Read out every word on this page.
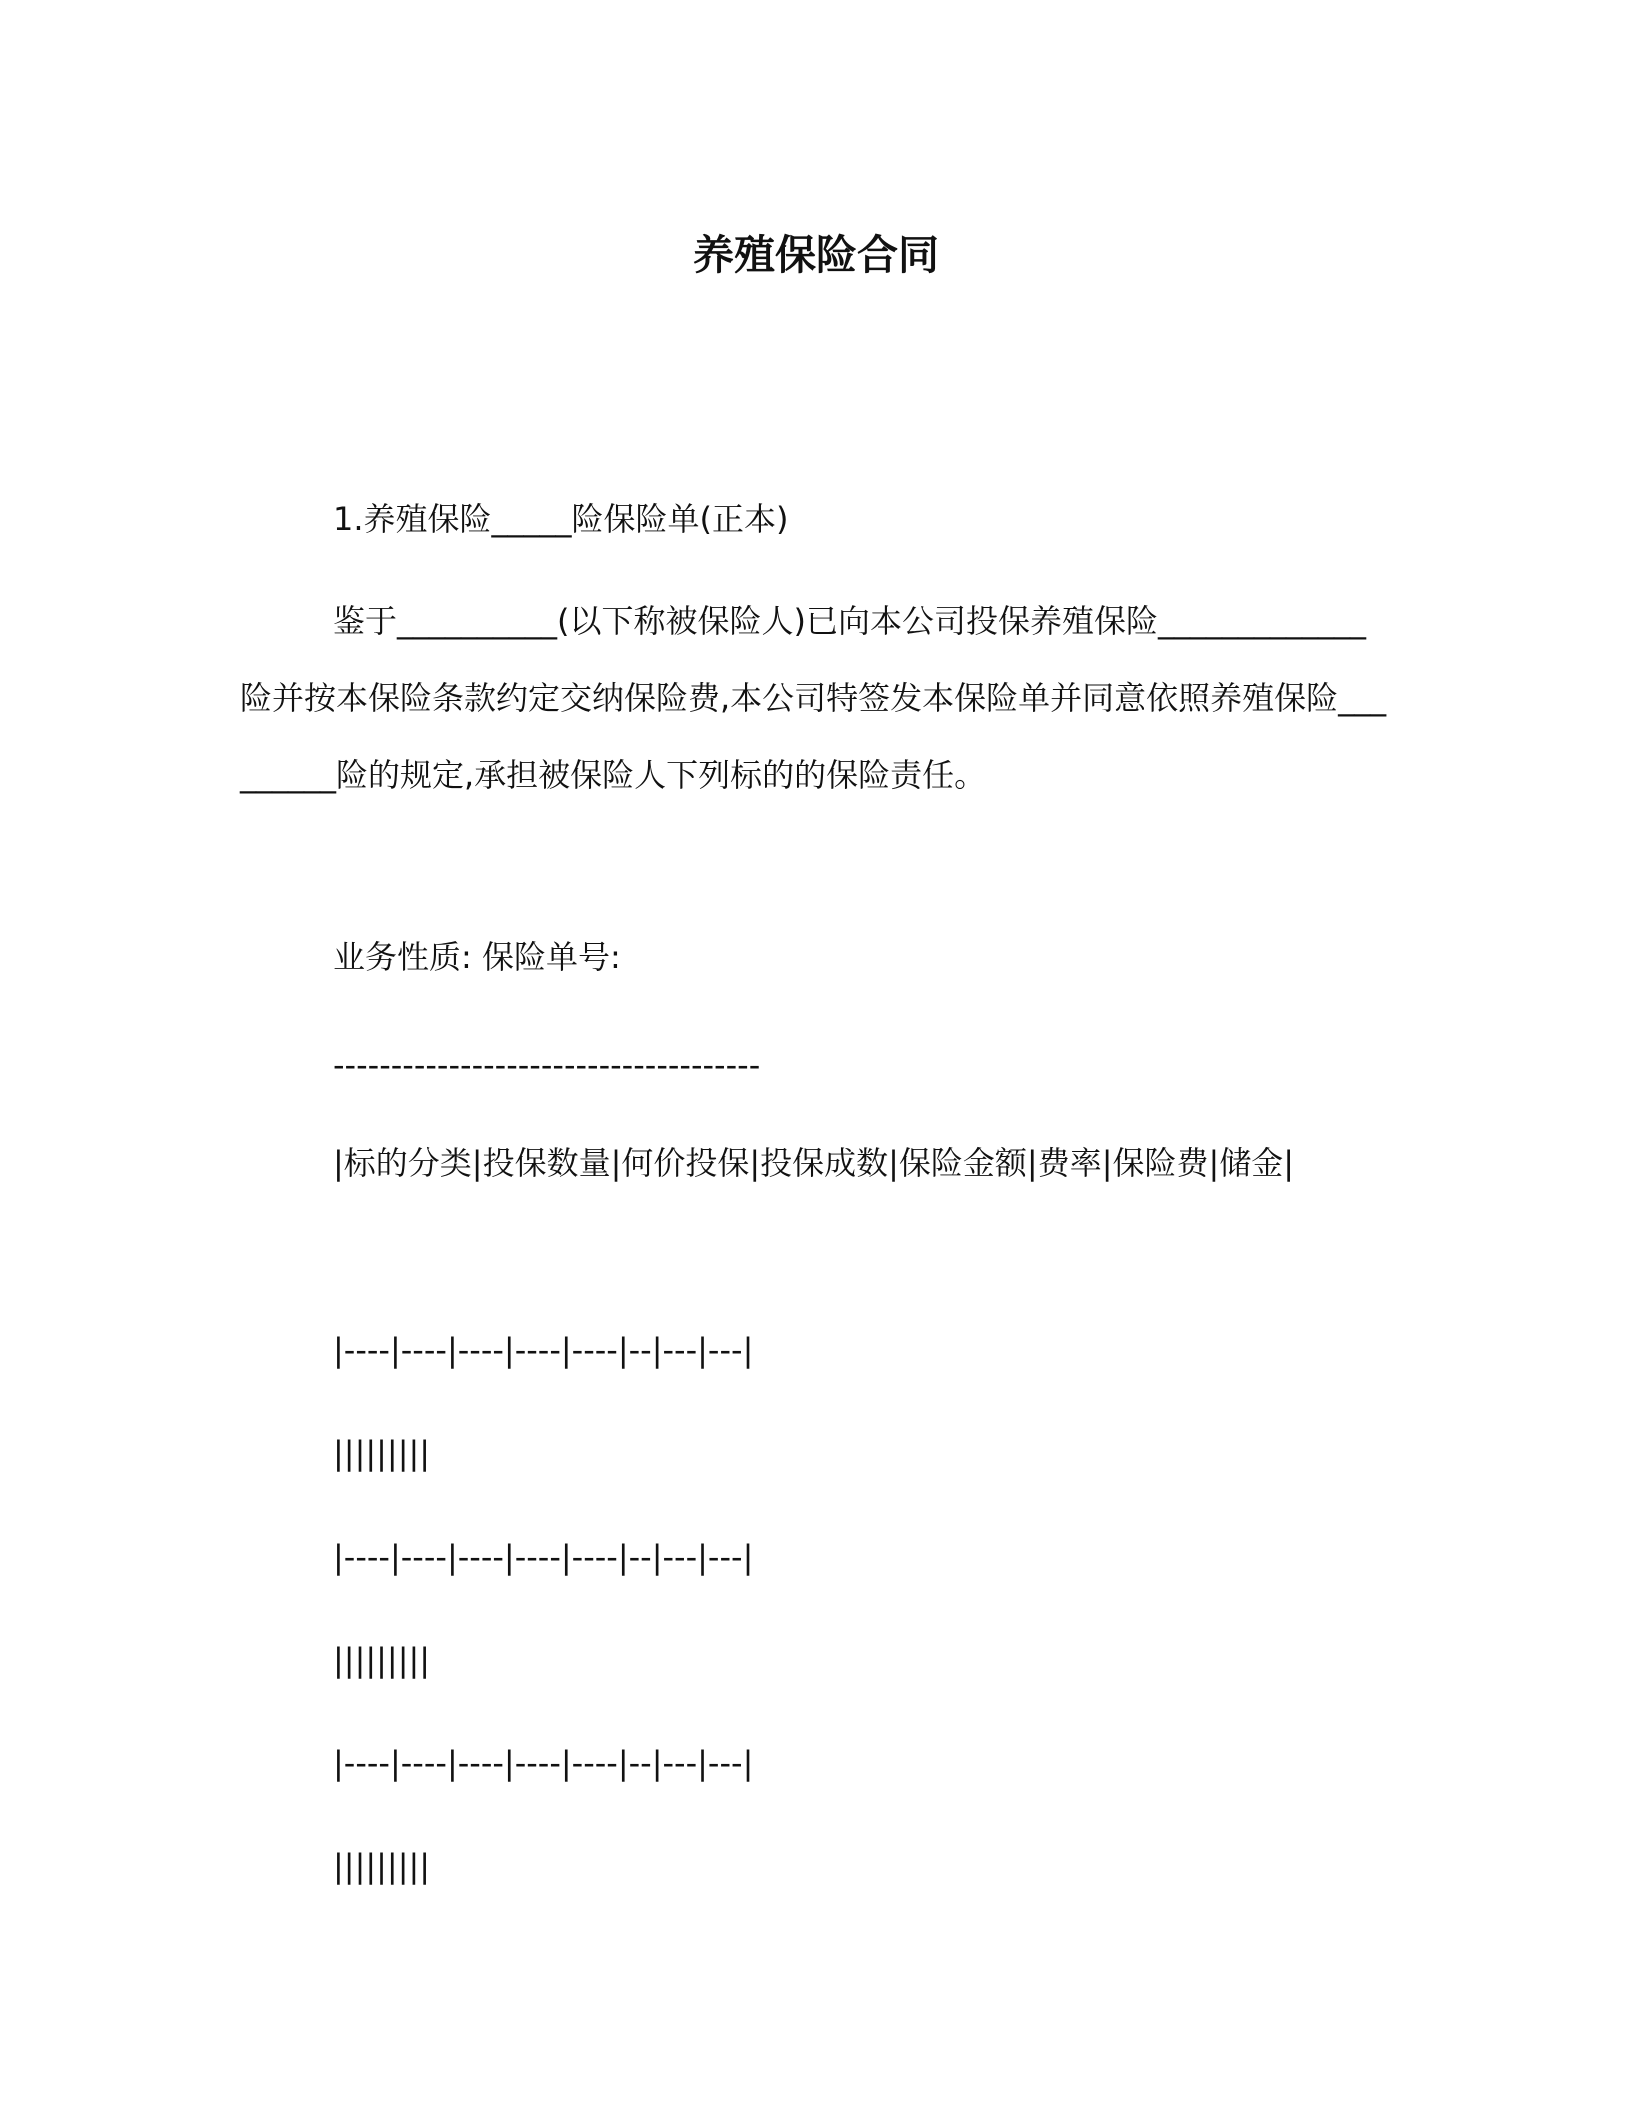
养殖保险合同
1.养殖保险_____险保险单(正本)
鉴于__________(以下称被保险人)已向本公司投保养殖保险_____________险并按本保险条款约定交纳保险费,本公司特签发本保险单并同意依照养殖保险_________险的规定,承担被保险人下列标的的保险责任。
业务性质: 保险单号:
-------------------------------------
|标的分类|投保数量|何价投保|投保成数|保险金额|费率|保险费|储金|
|----|----|----|----|----|--|---|---|
|||||||||
|----|----|----|----|----|--|---|---|
|||||||||
|----|----|----|----|----|--|---|---|
|||||||||
